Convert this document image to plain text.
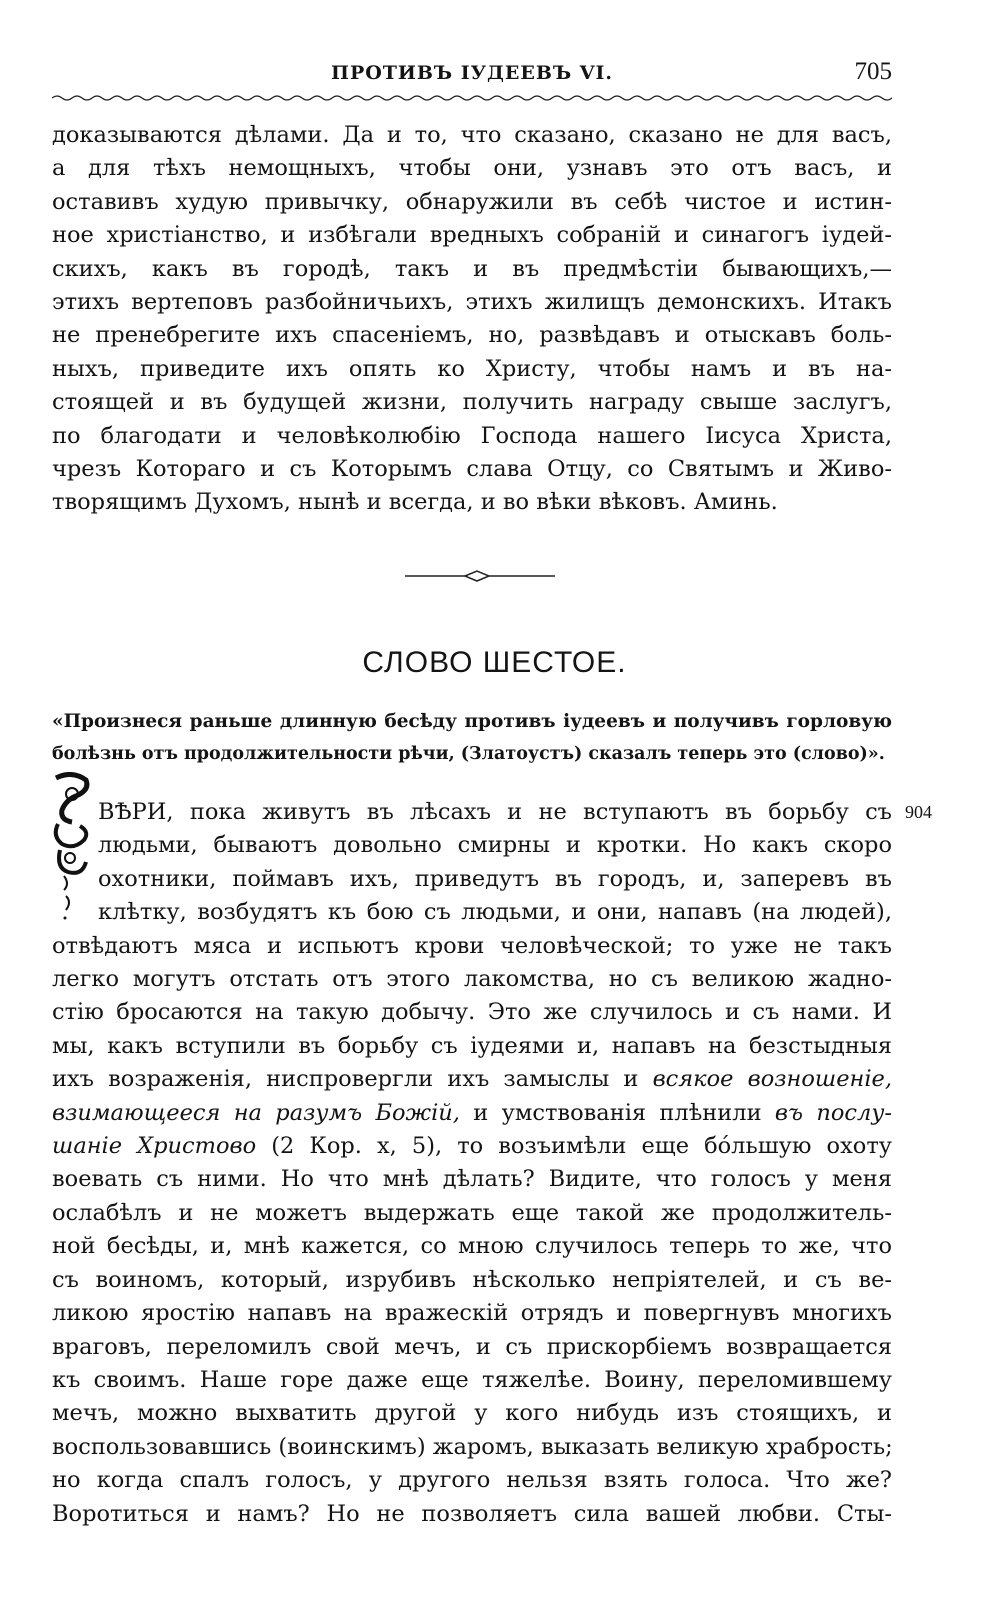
ПРОТИВЪ IУДЕЕВЪ VI.	705
доказываются дѣлами. Да и то, что сказано, сказано не для васъ,
а для тѣхъ немощныхъ, чтобы они, узнавъ это отъ васъ, и
оставивъ худую привычку, обнаружили въ себѣ чистое и истин-
ное христіанство, и избѣгали вредныхъ собраній и синагогъ іудей-
скихъ, какъ въ городѣ, такъ и въ предмѣстіи бывающихъ,—
этихъ вертеповъ разбойничьихъ, этихъ жилищъ демонскихъ. Итакъ
не пренебрегите ихъ спасеніемъ, но, развѣдавъ и отыскавъ боль-
ныхъ, приведите ихъ опять ко Христу, чтобы намъ и въ на-
стоящей и въ будущей жизни, получить награду свыше заслугъ,
по благодати и человѣколюбію Господа нашего Іисуса Христа,
чрезъ Котораго и съ Которымъ слава Отцу, со Святымъ и Живо-
творящимъ Духомъ, нынѣ и всегда, и во вѣки вѣковъ. Аминь.
СЛОВО ШЕСТОЕ.
«Произнеся раньше длинную бесѣду противъ іудеевъ и получивъ горловую
болѣзнь отъ продолжительности рѣчи, (Златоустъ) сказалъ теперь это (слово)».
904
ВѢРИ, пока живутъ въ лѣсахъ и не вступаютъ въ борьбу съ
людьми, бываютъ довольно смирны и кротки. Но какъ скоро
охотники, поймавъ ихъ, приведутъ въ городъ, и, заперевъ въ
клѣтку, возбудятъ къ бою съ людьми, и они, напавъ (на людей),
отвѣдаютъ мяса и испьютъ крови человѣческой; то уже не такъ
легко могутъ отстать отъ этого лакомства, но съ великою жадно-
стію бросаются на такую добычу. Это же случилось и съ нами. И
мы, какъ вступили въ борьбу съ іудеями и, напавъ на безстыдныя
ихъ возраженія, ниспровергли ихъ замыслы и всякое возношеніе,
взимающееся на разумъ Божій, и умствованія плѣнили въ послу-
шаніе Христово (2 Кор. х, 5), то возъимѣли еще бóльшую охоту
воевать съ ними. Но что мнѣ дѣлать? Видите, что голосъ у меня
ослабѣлъ и не можетъ выдержать еще такой же продолжитель-
ной бесѣды, и, мнѣ кажется, со мною случилось теперь то же, что
съ воиномъ, который, изрубивъ нѣсколько непріятелей, и съ ве-
ликою яростію напавъ на вражескій отрядъ и повергнувъ многихъ
враговъ, переломилъ свой мечъ, и съ прискорбіемъ возвращается
къ своимъ. Наше горе даже еще тяжелѣе. Воину, переломившему
мечъ, можно выхватить другой у кого нибудь изъ стоящихъ, и
воспользовавшись (воинскимъ) жаромъ, выказать великую храбрость;
но когда спалъ голосъ, у другого нельзя взять голоса. Что же?
Воротиться и намъ? Но не позволяетъ сила вашей любви. Сты-
